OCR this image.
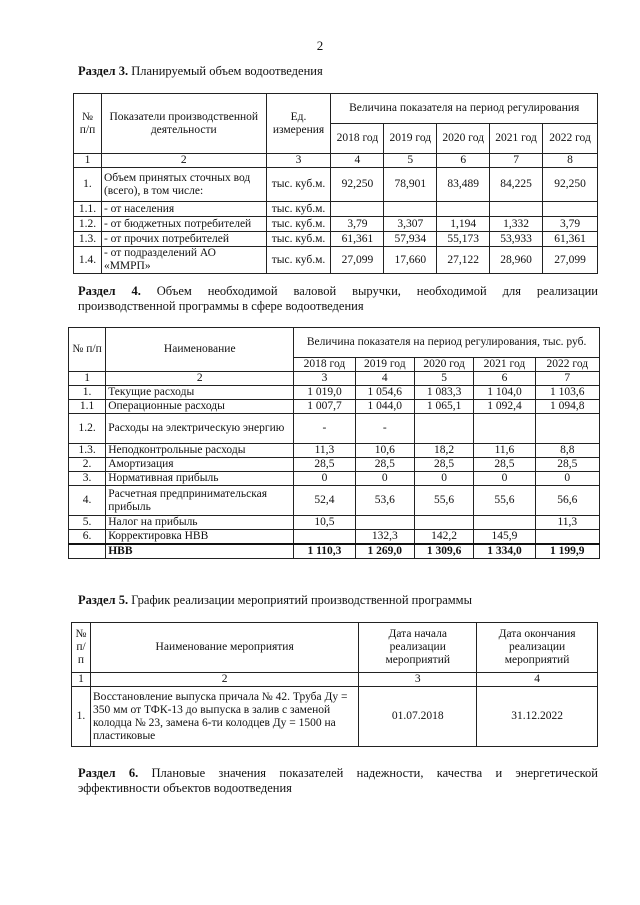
2
Раздел 3. Планируемый объем водоотведения
№ п/п	Показатели производственной деятельности	Ед. измерения	Величина показателя на период регулирования				
			2018 год	2019 год	2020 год	2021 год	2022 год
1	2	3	4	5	6	7	8
1.	Объем принятых сточных вод (всего), в том числе:	тыс. куб.м.	92,250	78,901	83,489	84,225	92,250
1.1.	- от населения	тыс. куб.м.					
1.2.	- от бюджетных потребителей	тыс. куб.м.	3,79	3,307	1,194	1,332	3,79
1.3.	- от прочих потребителей	тыс. куб.м.	61,361	57,934	55,173	53,933	61,361
1.4.	- от подразделений АО «ММРП»	тыс. куб.м.	27,099	17,660	27,122	28,960	27,099
Раздел 4. Объем необходимой валовой выручки, необходимой для реализации
производственной программы в сфере водоотведения
№ п/п	Наименование	Величина показателя на период регулирования, тыс. руб.				
		2018 год	2019 год	2020 год	2021 год	2022 год
1	2	3	4	5	6	7
1.	Текущие расходы	1 019,0	1 054,6	1 083,3	1 104,0	1 103,6
1.1	Операционные расходы	1 007,7	1 044,0	1 065,1	1 092,4	1 094,8
1.2.	Расходы на электрическую энергию	-	-			
1.3.	Неподконтрольные расходы	11,3	10,6	18,2	11,6	8,8
2.	Амортизация	28,5	28,5	28,5	28,5	28,5
3.	Нормативная прибыль	0	0	0	0	0
4.	Расчетная предпринимательская прибыль	52,4	53,6	55,6	55,6	56,6
5.	Налог на прибыль	10,5				11,3
6.	Корректировка НВВ		132,3	142,2	145,9	
	НВВ	1 110,3	1 269,0	1 309,6	1 334,0	1 199,9
Раздел 5. График реализации мероприятий производственной программы
№ п/п	Наименование мероприятия	Дата начала реализации мероприятий	Дата окончания реализации мероприятий
1	2	3	4
1.	Восстановление выпуска причала № 42. Труба Ду = 350 мм от ТФК-13 до выпуска в залив с заменой колодца № 23, замена 6-ти колодцев Ду = 1500 на пластиковые	01.07.2018	31.12.2022
Раздел 6. Плановые значения показателей надежности, качества и энергетической
эффективности объектов водоотведения
